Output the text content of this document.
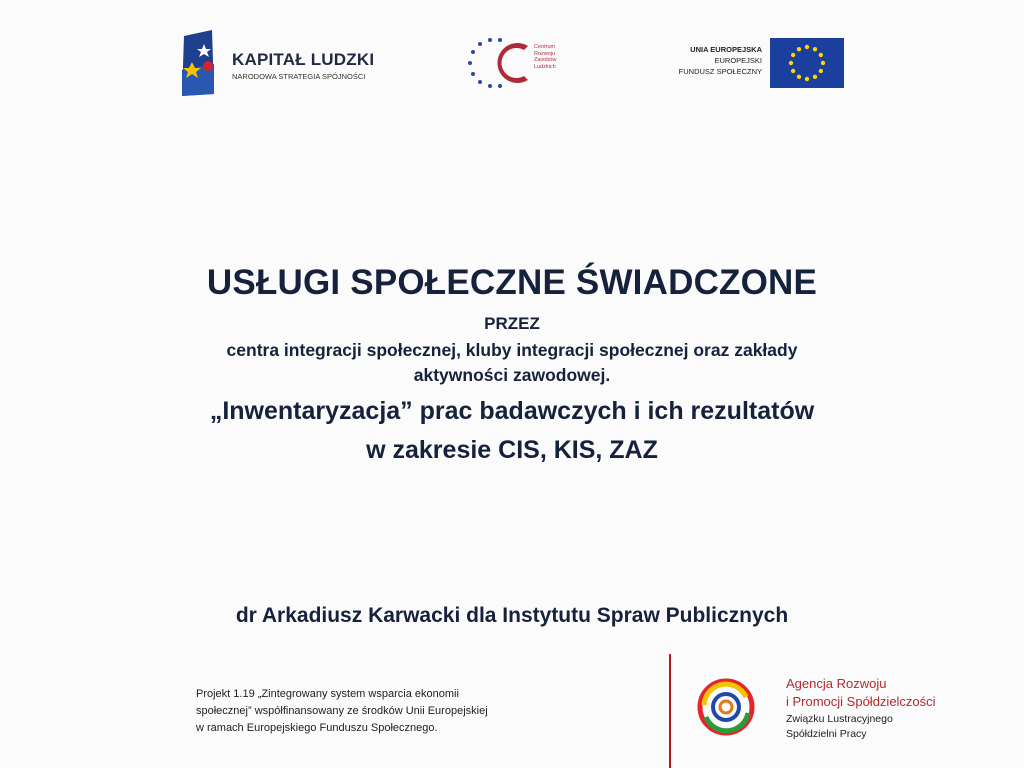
KAPITAŁ LUDZKI
NARODOWA STRATEGIA SPÓJNOŚCI
Centrum
Rozwoju
Zasobów
Ludzkich
UNIA EUROPEJSKA
EUROPEJSKI
FUNDUSZ SPOŁECZNY
USŁUGI SPOŁECZNE ŚWIADCZONE
PRZEZ
centra integracji społecznej, kluby integracji społecznej oraz zakłady
aktywności zawodowej.
„Inwentaryzacja” prac badawczych i ich rezultatów
w zakresie CIS, KIS, ZAZ
dr Arkadiusz Karwacki dla Instytutu Spraw Publicznych
Projekt 1.19 „Zintegrowany system wsparcia ekonomii
społecznej” współfinansowany ze środków Unii Europejskiej
w ramach Europejskiego Funduszu Społecznego.
Agencja Rozwoju
i Promocji Spółdzielczości
Związku Lustracyjnego
Spółdzielni Pracy
